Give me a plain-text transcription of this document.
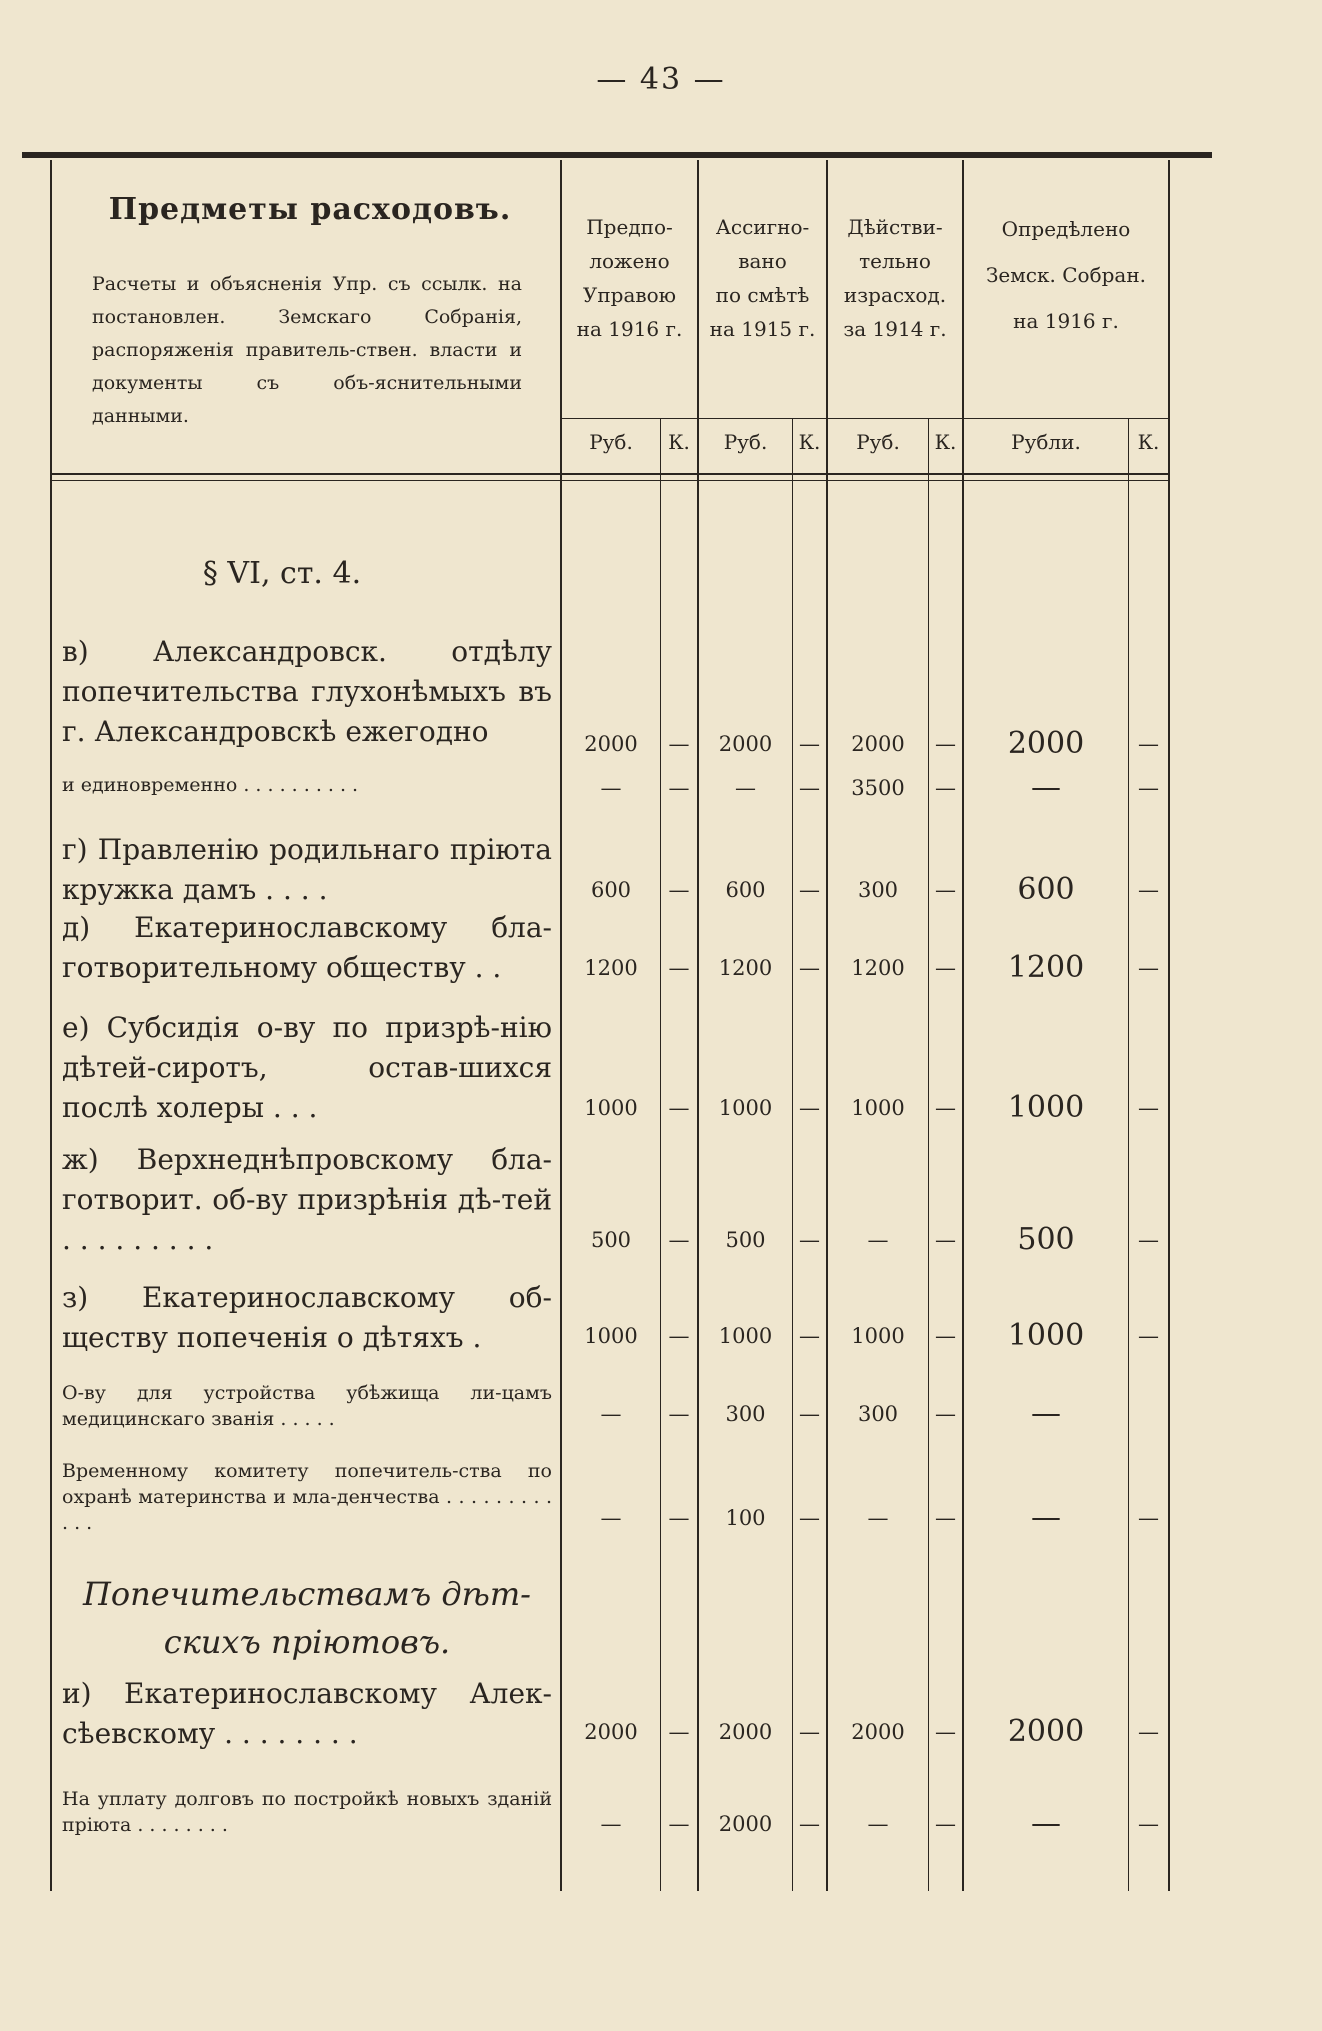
— 43 —
Предметы расходовъ.
Расчеты и объясненія Упр. съ ссылк. на постановлен. Земскаго Собранія, распоряженія правитель-ствен. власти и документы съ объ-яснительными данными.
Предпо-
ложено
Управою
на 1916 г.
Ассигно-
вано
по смѣтѣ
на 1915 г.
Дѣйстви-
тельно
израсход.
за 1914 г.
Опредѣлено
Земск. Собран.
на 1916 г.
Руб.	К.	Руб.	К.	Руб.	К.	Рубли.	К.
§ VI, ст. 4.
в) Александровск. отдѣлу попечительства глухонѣмыхъ въ г. Александровскѣ ежегодно	2000	—	2000	—	2000	—	2000	—
и единовременно . . . . . . . . . .	—	—	—	—	3500	—	—	—
г) Правленію родильнаго пріюта кружка дамъ . . . .	600	—	600	—	300	—	600	—
д) Екатеринославскому бла-готворительному обществу . .	1200	—	1200	—	1200	—	1200	—
е) Субсидія о-ву по призрѣ-нію дѣтей-сиротъ, остав-шихся послѣ холеры . . .	1000	—	1000	—	1000	—	1000	—
ж) Верхнеднѣпровскому бла-готворит. об-ву призрѣнія дѣ-тей . . . . . . . . .	500	—	500	—	—	—	500	—
з) Екатеринославскому об-ществу попеченія о дѣтяхъ .	1000	—	1000	—	1000	—	1000	—
О-ву для устройства убѣжища ли-цамъ медицинскаго званія . . . . .	—	—	300	—	300	—	—
Временному комитету попечитель-ства по охранѣ материнства и мла-денчества . . . . . . . . . . . .	—	—	100	—	—	—	—	—
и) Екатеринославскому Алек-сѣевскому . . . . . . . .	2000	—	2000	—	2000	—	2000	—
На уплату долговъ по постройкѣ новыхъ зданій пріюта . . . . . . . .	—	—	2000	—	—	—	—	—
Попечительствамъ дѣт-скихъ пріютовъ.
